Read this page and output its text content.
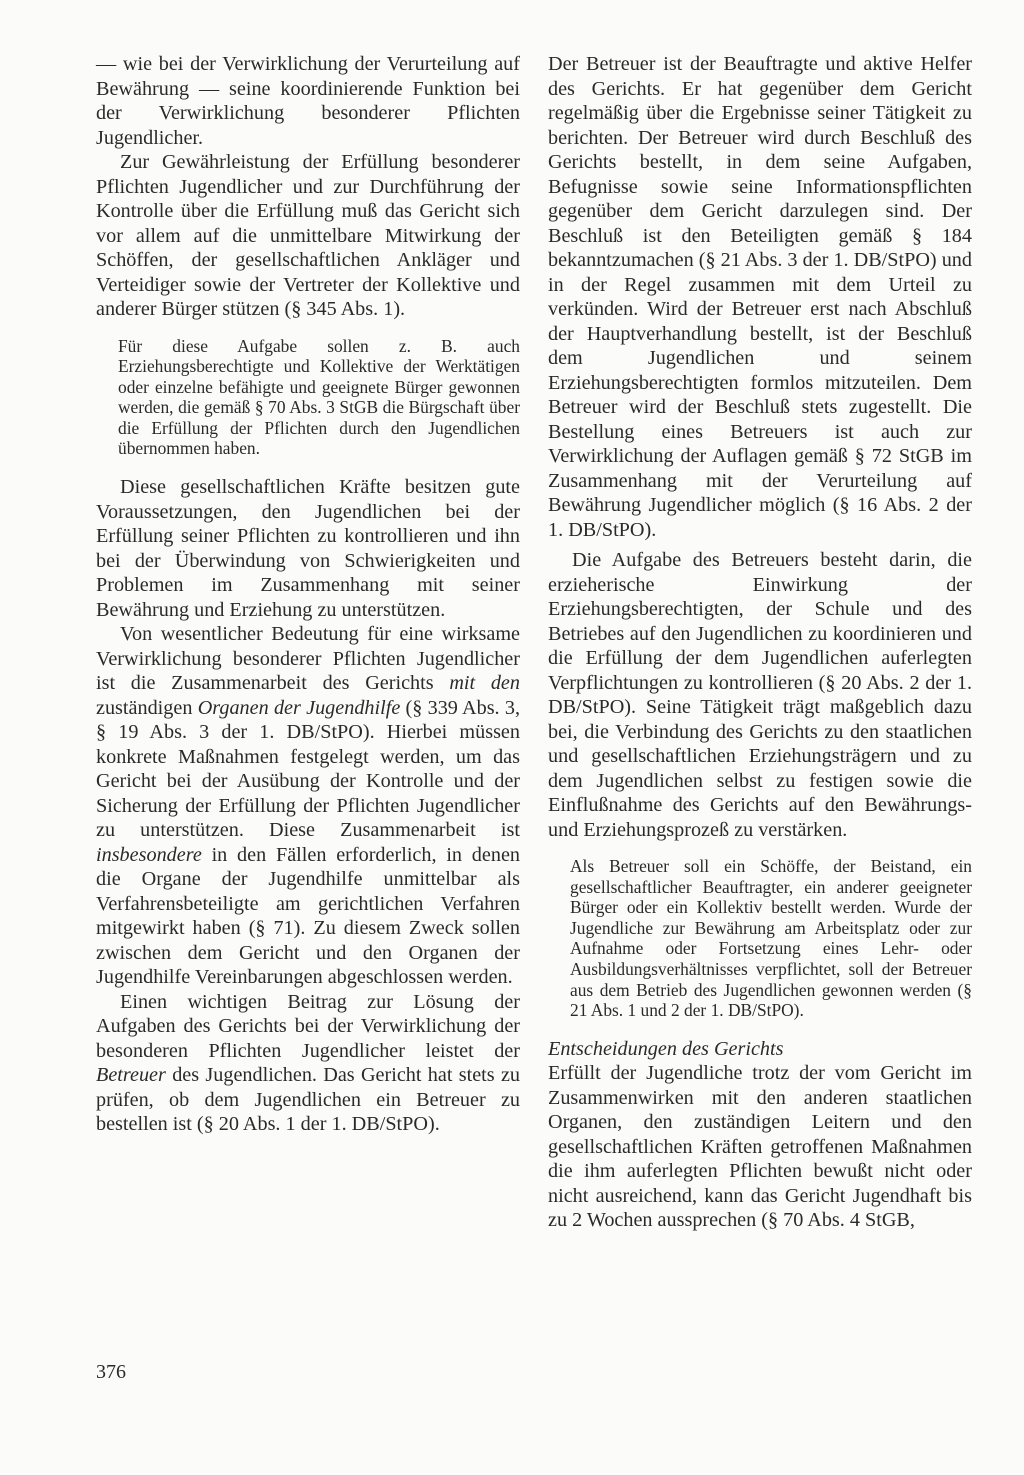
— wie bei der Verwirklichung der Verurteilung auf Bewährung — seine koordinierende Funktion bei der Verwirklichung besonderer Pflichten Jugendlicher.

Zur Gewährleistung der Erfüllung besonderer Pflichten Jugendlicher und zur Durchführung der Kontrolle über die Erfüllung muß das Gericht sich vor allem auf die unmittelbare Mitwirkung der Schöffen, der gesellschaftlichen Ankläger und Verteidiger sowie der Vertreter der Kollektive und anderer Bürger stützen (§ 345 Abs. 1).

Für diese Aufgabe sollen z. B. auch Erziehungsberechtigte und Kollektive der Werktätigen oder einzelne befähigte und geeignete Bürger gewonnen werden, die gemäß § 70 Abs. 3 StGB die Bürgschaft über die Erfüllung der Pflichten durch den Jugendlichen übernommen haben.

Diese gesellschaftlichen Kräfte besitzen gute Voraussetzungen, den Jugendlichen bei der Erfüllung seiner Pflichten zu kontrollieren und ihn bei der Überwindung von Schwierigkeiten und Problemen im Zusammenhang mit seiner Bewährung und Erziehung zu unterstützen.

Von wesentlicher Bedeutung für eine wirksame Verwirklichung besonderer Pflichten Jugendlicher ist die Zusammenarbeit des Gerichts mit den zuständigen Organen der Jugendhilfe (§ 339 Abs. 3, § 19 Abs. 3 der 1. DB/StPO). Hierbei müssen konkrete Maßnahmen festgelegt werden, um das Gericht bei der Ausübung der Kontrolle und der Sicherung der Erfüllung der Pflichten Jugendlicher zu unterstützen. Diese Zusammenarbeit ist insbesondere in den Fällen erforderlich, in denen die Organe der Jugendhilfe unmittelbar als Verfahrensbeteiligte am gerichtlichen Verfahren mitgewirkt haben (§ 71). Zu diesem Zweck sollen zwischen dem Gericht und den Organen der Jugendhilfe Vereinbarungen abgeschlossen werden.

Einen wichtigen Beitrag zur Lösung der Aufgaben des Gerichts bei der Verwirklichung der besonderen Pflichten Jugendlicher leistet der Betreuer des Jugendlichen. Das Gericht hat stets zu prüfen, ob dem Jugendlichen ein Betreuer zu bestellen ist (§ 20 Abs. 1 der 1. DB/StPO).

Der Betreuer ist der Beauftragte und aktive Helfer des Gerichts. Er hat gegenüber dem Gericht regelmäßig über die Ergebnisse seiner Tätigkeit zu berichten. Der Betreuer wird durch Beschluß des Gerichts bestellt, in dem seine Aufgaben, Befugnisse sowie seine Informationspflichten gegenüber dem Gericht darzulegen sind. Der Beschluß ist den Beteiligten gemäß § 184 bekanntzumachen (§ 21 Abs. 3 der 1. DB/StPO) und in der Regel zusammen mit dem Urteil zu verkünden. Wird der Betreuer erst nach Abschluß der Hauptverhandlung bestellt, ist der Beschluß dem Jugendlichen und seinem Erziehungsberechtigten formlos mitzuteilen. Dem Betreuer wird der Beschluß stets zugestellt. Die Bestellung eines Betreuers ist auch zur Verwirklichung der Auflagen gemäß § 72 StGB im Zusammenhang mit der Verurteilung auf Bewährung Jugendlicher möglich (§ 16 Abs. 2 der 1. DB/StPO).

Die Aufgabe des Betreuers besteht darin, die erzieherische Einwirkung der Erziehungsberechtigten, der Schule und des Betriebes auf den Jugendlichen zu koordinieren und die Erfüllung der dem Jugendlichen auferlegten Verpflichtungen zu kontrollieren (§ 20 Abs. 2 der 1. DB/StPO). Seine Tätigkeit trägt maßgeblich dazu bei, die Verbindung des Gerichts zu den staatlichen und gesellschaftlichen Erziehungsträgern und zu dem Jugendlichen selbst zu festigen sowie die Einflußnahme des Gerichts auf den Bewährungs- und Erziehungsprozeß zu verstärken.

Als Betreuer soll ein Schöffe, der Beistand, ein gesellschaftlicher Beauftragter, ein anderer geeigneter Bürger oder ein Kollektiv bestellt werden. Wurde der Jugendliche zur Bewährung am Arbeitsplatz oder zur Aufnahme oder Fortsetzung eines Lehr- oder Ausbildungsverhältnisses verpflichtet, soll der Betreuer aus dem Betrieb des Jugendlichen gewonnen werden (§ 21 Abs. 1 und 2 der 1. DB/StPO).

Entscheidungen des Gerichts

Erfüllt der Jugendliche trotz der vom Gericht im Zusammenwirken mit den anderen staatlichen Organen, den zuständigen Leitern und den gesellschaftlichen Kräften getroffenen Maßnahmen die ihm auferlegten Pflichten bewußt nicht oder nicht ausreichend, kann das Gericht Jugendhaft bis zu 2 Wochen aussprechen (§ 70 Abs. 4 StGB,

376
